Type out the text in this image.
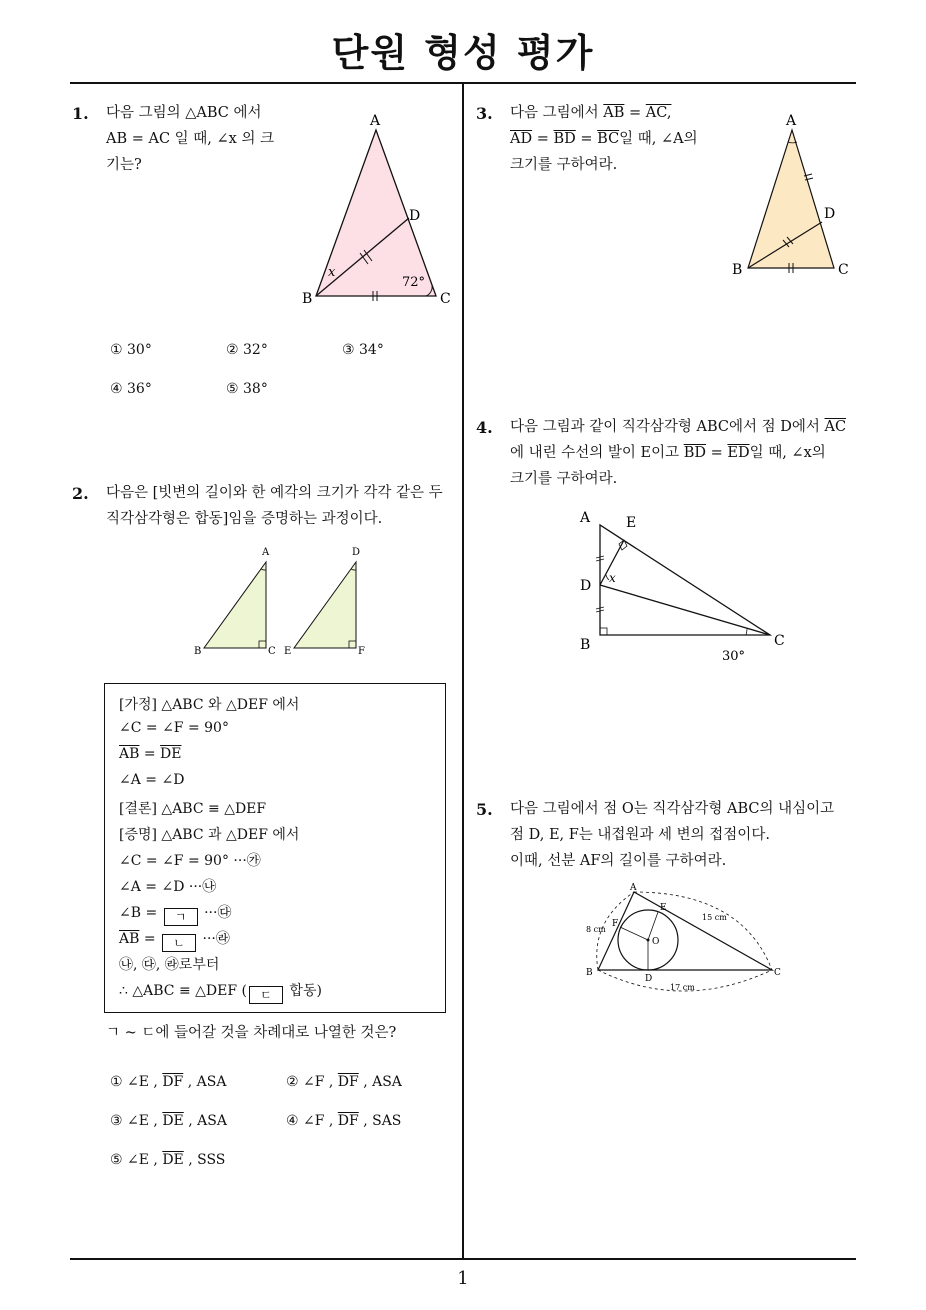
단원 형성 평가
1
1. 다음 그림의 △ABC 에서
AB = AC 일 때, ∠x 의 크
기는?
A
B	C
D
x
72°
① 30°	② 32°	③ 34°
④ 36°	⑤ 38°
2. 다음은 [빗변의 길이와 한 예각의 크기가 각각 같은 두
직각삼각형은 합동]임을 증명하는 과정이다.
A
B	C
D
E	F
[가정] △ABC 와 △DEF 에서
∠C = ∠F = 90°
$\overline{AB} = \overline{DE}$
∠A = ∠D
[결론] △ABC ≡ △DEF
[증명] △ABC 과 △DEF 에서
∠C = ∠F = 90° ···㉮
∠A = ∠D ···㉯
∠B = ㄱ ···㉰
$\overline{AB}$ = ㄴ ···㉱
㉯, ㉰, ㉱로부터
∴ △ABC ≡ △DEF ( ㄷ 합동)
ㄱ ~ ㄷ에 들어갈 것을 차례대로 나열한 것은?
① ∠E , $\overline{DF}$ , ASA	② ∠F , $\overline{DF}$ , ASA
③ ∠E , $\overline{DE}$ , ASA	④ ∠F , $\overline{DF}$ , SAS
⑤ ∠E , $\overline{DE}$ , SSS
3. 다음 그림에서 $\overline{AB}$ = AC,
$\overline{AD} = \overline{BD} = \overline{BC}$일 때, ∠A의
크기를 구하여라.
A
B	C
D
4. 다음 그림과 같이 직각삼각형 ABC에서 점 D에서 $\overline{AC}$
에 내린 수선의 발이 E이고 $\overline{BD} = \overline{ED}$일 때, ∠x의
크기를 구하여라.
A	E
D x
B	C
30°
5. 다음 그림에서 점 O는 직각삼각형 ABC의 내심이고
점 D, E, F는 내접원과 세 변의 접점이다.
이때, 선분 AF의 길이를 구하여라.
A
B	C
D
E
F
O
8 cm
15 cm
17 cm
